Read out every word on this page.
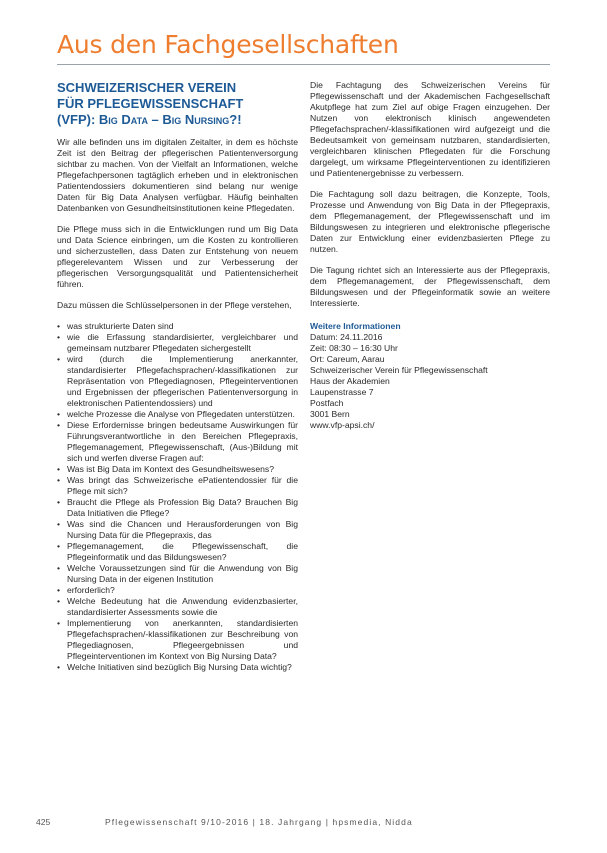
Aus den Fachgesellschaften
SCHWEIZERISCHER VEREIN
FÜR PFLEGEWISSENSCHAFT
(VFP): Big Data – Big Nursing?!

Wir alle befinden uns im digitalen Zeitalter, in dem es höchste Zeit ist den Beitrag der pflegerischen Patientenversorgung sichtbar zu machen. Von der Vielfalt an Informationen, welche Pflegefachpersonen tagtäglich erheben und in elektronischen Patientendossiers dokumentieren sind belang nur wenige Daten für Big Data Analysen verfügbar. Häufig beinhalten Datenbanken von Gesundheitsinstitutionen keine Pflegedaten.

Die Pflege muss sich in die Entwicklungen rund um Big Data und Data Science einbringen, um die Kosten zu kontrollieren und sicherzustellen, dass Daten zur Entstehung von neuem pflegerelevantem Wissen und zur Verbesserung der pflegerischen Versorgungsqualität und Patientensicherheit führen.

Dazu müssen die Schlüsselpersonen in der Pflege verstehen,

• was strukturierte Daten sind
• wie die Erfassung standardisierter, vergleichbarer und gemeinsam nutzbarer Pflegedaten sichergestellt
• wird (durch die Implementierung anerkannter, standardisierter Pflegefachsprachen/-klassifikationen zur Repräsentation von Pflegediagnosen, Pflegeinterventionen und Ergebnissen der pflegerischen Patientenversorgung in elektronischen Patientendossiers) und
• welche Prozesse die Analyse von Pflegedaten unterstützen.
• Diese Erfordernisse bringen bedeutsame Auswirkungen für Führungsverantwortliche in den Bereichen Pflegepraxis, Pflegemanagement, Pflegewissenschaft, (Aus-)Bildung mit sich und werfen diverse Fragen auf:
• Was ist Big Data im Kontext des Gesundheitswesens?
• Was bringt das Schweizerische ePatientendossier für die Pflege mit sich?
• Braucht die Pflege als Profession Big Data? Brauchen Big Data Initiativen die Pflege?
• Was sind die Chancen und Herausforderungen von Big Nursing Data für die Pflegepraxis, das
• Pflegemanagement, die Pflegewissenschaft, die Pflegeinformatik und das Bildungswesen?
• Welche Voraussetzungen sind für die Anwendung von Big Nursing Data in der eigenen Institution
• erforderlich?
• Welche Bedeutung hat die Anwendung evidenzbasierter, standardisierter Assessments sowie die
• Implementierung von anerkannten, standardisierten Pflegefachsprachen/-klassifikationen zur Beschreibung von Pflegediagnosen, Pflegeergebnissen und Pflegeinterventionen im Kontext von Big Nursing Data?
• Welche Initiativen sind bezüglich Big Nursing Data wichtig?

Die Fachtagung des Schweizerischen Vereins für Pflegewissenschaft und der Akademischen Fachgesellschaft Akutpflege hat zum Ziel auf obige Fragen einzugehen. Der Nutzen von elektronisch klinisch angewendeten Pflegefachsprachen/-klassifikationen wird aufgezeigt und die Bedeutsamkeit von gemeinsam nutzbaren, standardisierten, vergleichbaren klinischen Pflegedaten für die Forschung dargelegt, um wirksame Pflegeinterventionen zu identifizieren und Patientenergebnisse zu verbessern.

Die Fachtagung soll dazu beitragen, die Konzepte, Tools, Prozesse und Anwendung von Big Data in der Pflegepraxis, dem Pflegemanagement, der Pflegewissenschaft und im Bildungswesen zu integrieren und elektronische pflegerische Daten zur Entwicklung einer evidenzbasierten Pflege zu nutzen.

Die Tagung richtet sich an Interessierte aus der Pflegepraxis, dem Pflegemanagement, der Pflegewissenschaft, dem Bildungswesen und der Pflegeinformatik sowie an weitere Interessierte.

Weitere Informationen
Datum: 24.11.2016
Zeit: 08:30 – 16:30 Uhr
Ort: Careum, Aarau
Schweizerischer Verein für Pflegewissenschaft
Haus der Akademien
Laupenstrasse 7
Postfach
3001 Bern
www.vfp-apsi.ch/
425	Pflegewissenschaft 9/10-2016 | 18. Jahrgang | hpsmedia, Nidda
